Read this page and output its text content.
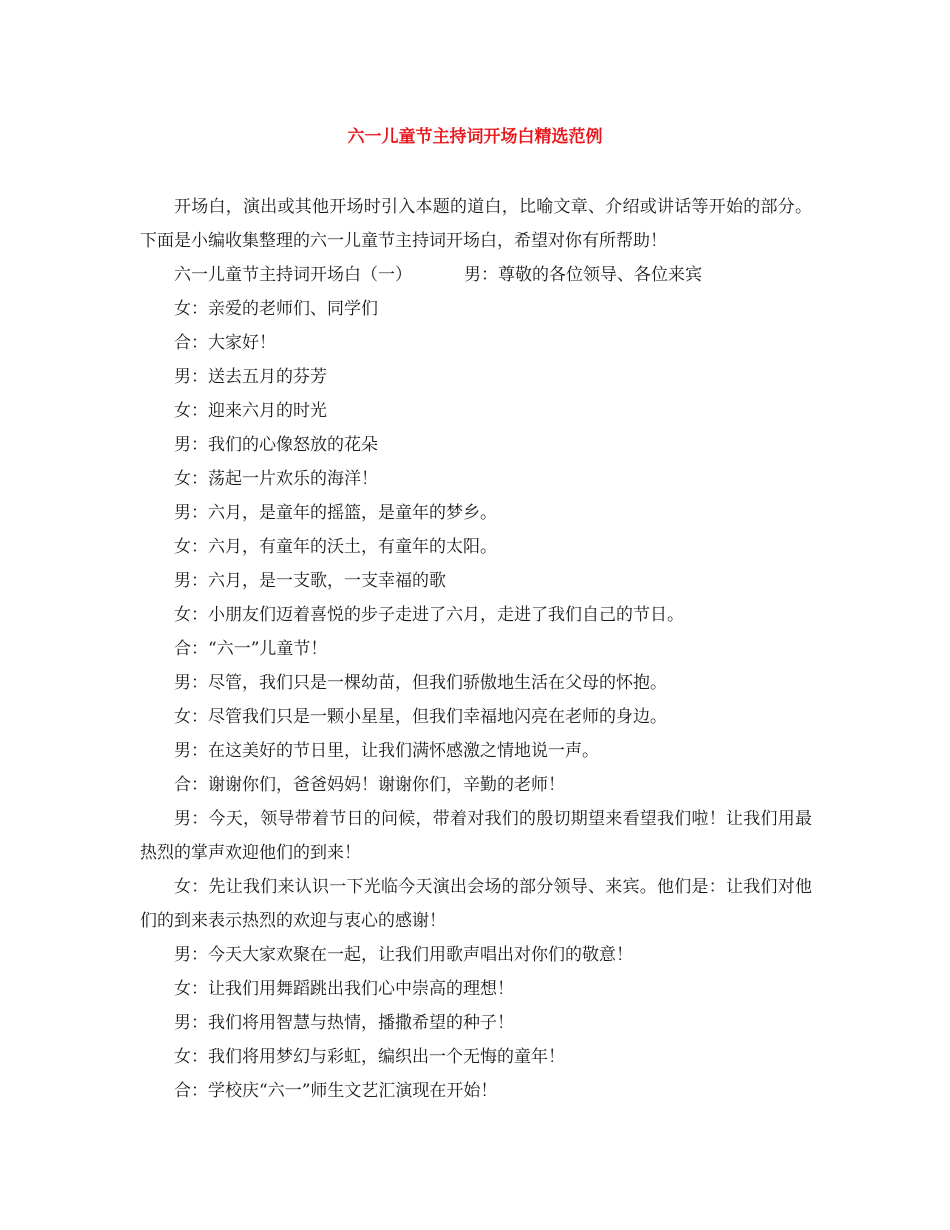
六一儿童节主持词开场白精选范例

开场白，演出或其他开场时引入本题的道白，比喻文章、介绍或讲话等开始的部分。下面是小编收集整理的六一儿童节主持词开场白，希望对你有所帮助！

六一儿童节主持词开场白（一）	男：尊敬的各位领导、各位来宾

女：亲爱的老师们、同学们

合：大家好！

男：送去五月的芬芳

女：迎来六月的时光

男：我们的心像怒放的花朵

女：荡起一片欢乐的海洋！

男：六月，是童年的摇篮，是童年的梦乡。

女：六月，有童年的沃土，有童年的太阳。

男：六月，是一支歌，一支幸福的歌

女：小朋友们迈着喜悦的步子走进了六月，走进了我们自己的节日。

合：“六一”儿童节！

男：尽管，我们只是一棵幼苗，但我们骄傲地生活在父母的怀抱。

女：尽管我们只是一颗小星星，但我们幸福地闪亮在老师的身边。

男：在这美好的节日里，让我们满怀感激之情地说一声。

合：谢谢你们，爸爸妈妈！谢谢你们，辛勤的老师！

男：今天，领导带着节日的问候，带着对我们的殷切期望来看望我们啦！让我们用最热烈的掌声欢迎他们的到来！

女：先让我们来认识一下光临今天演出会场的部分领导、来宾。他们是：让我们对他们的到来表示热烈的欢迎与衷心的感谢！

男：今天大家欢聚在一起，让我们用歌声唱出对你们的敬意！

女：让我们用舞蹈跳出我们心中崇高的理想！

男：我们将用智慧与热情，播撒希望的种子！

女：我们将用梦幻与彩虹，编织出一个无悔的童年！

合：学校庆“六一”师生文艺汇演现在开始！
